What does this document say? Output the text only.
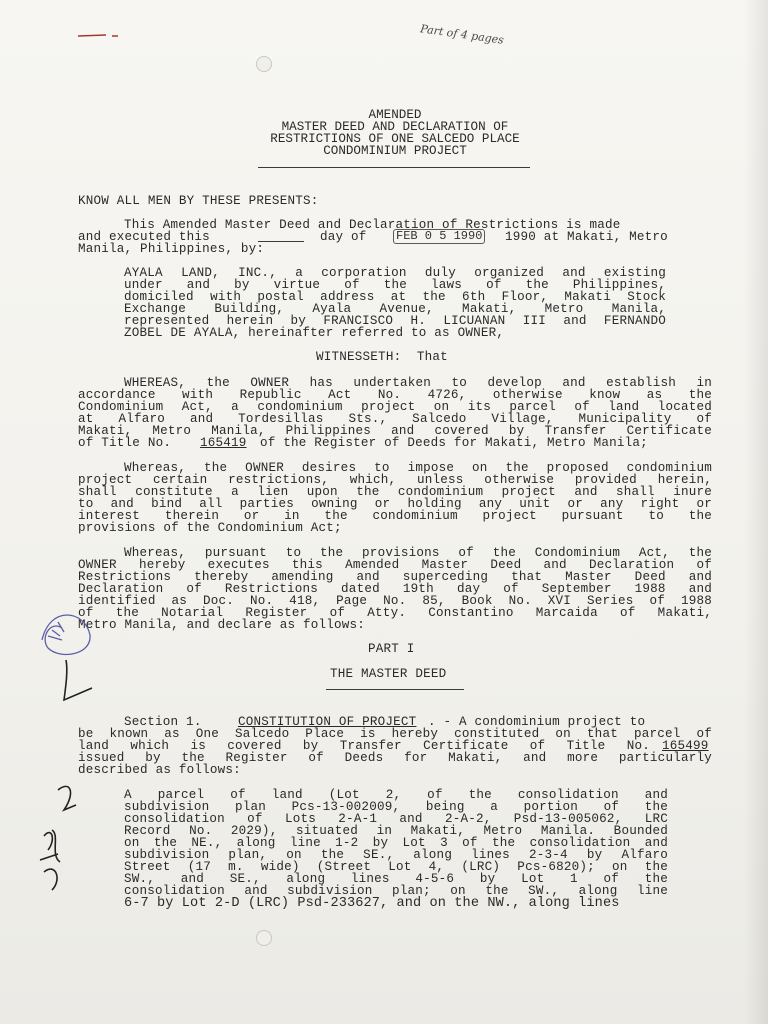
Part of 4 pages
AMENDED
MASTER DEED AND DECLARATION OF
RESTRICTIONS OF ONE SALCEDO PLACE
CONDOMINIUM PROJECT
KNOW ALL MEN BY THESE PRESENTS:
This Amended Master Deed and Declaration of Restrictions is made
and executed this	day of FEB 0 5 1990 1990 at Makati, Metro
Manila, Philippines, by:
AYALA LAND, INC., a corporation duly organized and existing
under and by virtue of the laws of the Philippines,
domiciled with postal address at the 6th Floor, Makati Stock
Exchange Building, Ayala Avenue, Makati, Metro Manila,
represented herein by FRANCISCO H. LICUANAN III and FERNANDO
ZOBEL DE AYALA, hereinafter referred to as OWNER,
WITNESSETH:  That
WHEREAS, the OWNER has undertaken to develop and establish in
accordance with Republic Act No. 4726, otherwise know as the
Condominium Act, a condominium project on its parcel of land located
at Alfaro and Tordesillas Sts., Salcedo Village, Municipality of
Makati, Metro Manila, Philippines and covered by Transfer Certificate
of Title No. 165419 of the Register of Deeds for Makati, Metro Manila;
Whereas, the OWNER desires to impose on the proposed condominium
project certain restrictions, which, unless otherwise provided herein,
shall constitute a lien upon the condominium project and shall inure
to and bind all parties owning or holding any unit or any right or
interest therein or in the condominium project pursuant to the
provisions of the Condominium Act;
Whereas, pursuant to the provisions of the Condominium Act, the
OWNER hereby executes this Amended Master Deed and Declaration of
Restrictions thereby amending and superceding that Master Deed and
Declaration of Restrictions dated 19th day of September 1988 and
identified as Doc. No. 418, Page No. 85, Book No. XVI Series of 1988
of the Notarial Register of Atty. Constantino Marcaida of Makati,
Metro Manila, and declare as follows:
PART I
THE MASTER DEED
Section 1.	CONSTITUTION OF PROJECT . - A condominium project to
be known as One Salcedo Place is hereby constituted on that parcel of
land which is covered by Transfer Certificate of Title No. 165499
issued by the Register of Deeds for Makati, and more particularly
described as follows:
A parcel of land (Lot 2, of the consolidation and
subdivision plan Pcs-13-002009, being a portion of the
consolidation of Lots 2-A-1 and 2-A-2, Psd-13-005062, LRC
Record No. 2029), situated in Makati, Metro Manila. Bounded
on the NE., along line 1-2 by Lot 3 of the consolidation and
subdivision plan, on the SE., along lines 2-3-4 by Alfaro
Street (17 m. wide) (Street Lot 4, (LRC) Pcs-6820); on the
SW., and SE., along lines 4-5-6 by Lot 1 of the
consolidation and subdivision plan; on the SW., along line
6-7 by Lot 2-D (LRC) Psd-233627, and on the NW., along lines
